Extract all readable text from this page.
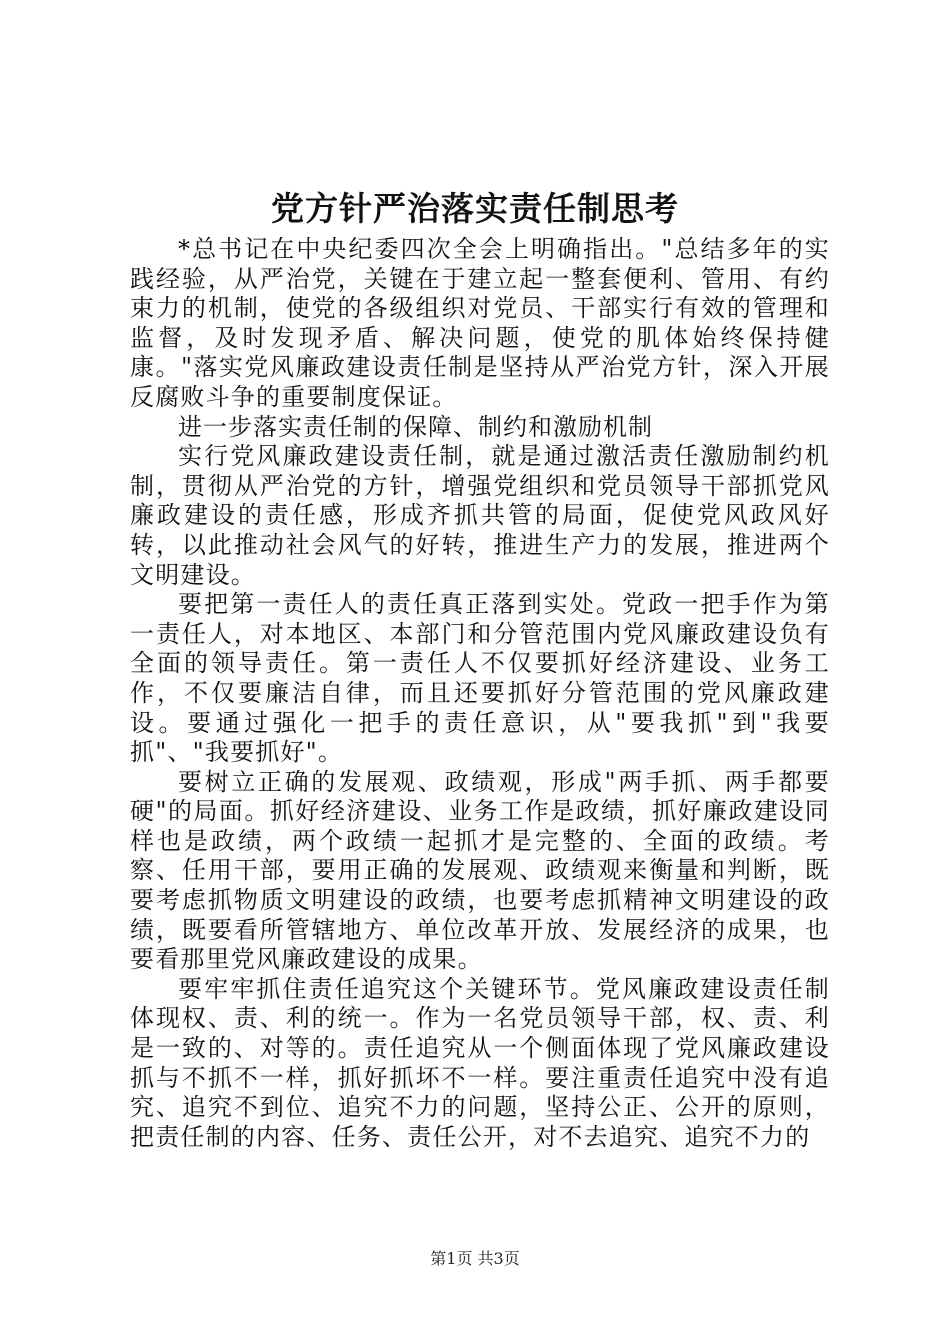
党方针严治落实责任制思考

*总书记在中央纪委四次全会上明确指出。"总结多年的实践经验，从严治党，关键在于建立起一整套便利、管用、有约束力的机制，使党的各级组织对党员、干部实行有效的管理和监督，及时发现矛盾、解决问题，使党的肌体始终保持健康。"落实党风廉政建设责任制是坚持从严治党方针，深入开展反腐败斗争的重要制度保证。

进一步落实责任制的保障、制约和激励机制

实行党风廉政建设责任制，就是通过激活责任激励制约机制，贯彻从严治党的方针，增强党组织和党员领导干部抓党风廉政建设的责任感，形成齐抓共管的局面，促使党风政风好转，以此推动社会风气的好转，推进生产力的发展，推进两个文明建设。

要把第一责任人的责任真正落到实处。党政一把手作为第一责任人，对本地区、本部门和分管范围内党风廉政建设负有全面的领导责任。第一责任人不仅要抓好经济建设、业务工作，不仅要廉洁自律，而且还要抓好分管范围的党风廉政建设。要通过强化一把手的责任意识，从"要我抓"到"我要抓"、"我要抓好"。

要树立正确的发展观、政绩观，形成"两手抓、两手都要硬"的局面。抓好经济建设、业务工作是政绩，抓好廉政建设同样也是政绩，两个政绩一起抓才是完整的、全面的政绩。考察、任用干部，要用正确的发展观、政绩观来衡量和判断，既要考虑抓物质文明建设的政绩，也要考虑抓精神文明建设的政绩，既要看所管辖地方、单位改革开放、发展经济的成果，也要看那里党风廉政建设的成果。

要牢牢抓住责任追究这个关键环节。党风廉政建设责任制体现权、责、利的统一。作为一名党员领导干部，权、责、利是一致的、对等的。责任追究从一个侧面体现了党风廉政建设抓与不抓不一样，抓好抓坏不一样。要注重责任追究中没有追究、追究不到位、追究不力的问题，坚持公正、公开的原则，把责任制的内容、任务、责任公开，对不去追究、追究不力的

第1页 共3页
